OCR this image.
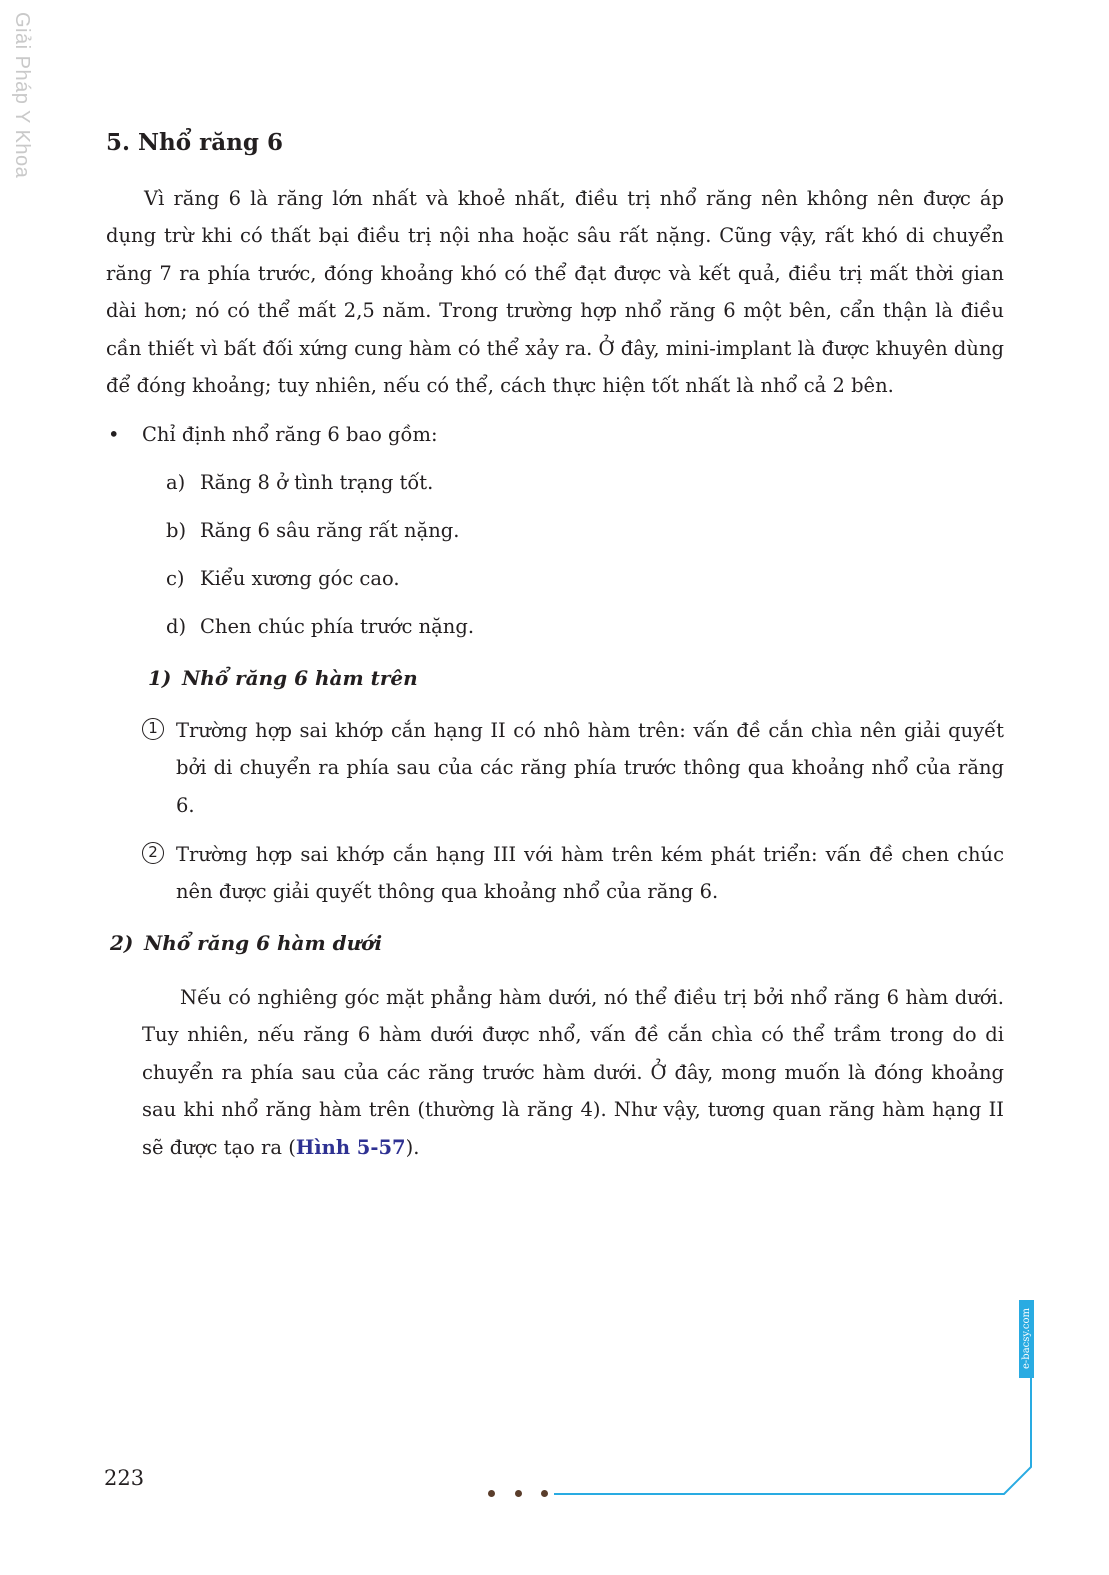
Giải Pháp Y Khoa	5. Nhổ răng 6

Vì răng 6 là răng lớn nhất và khoẻ nhất, điều trị nhổ răng nên không nên được áp dụng trừ khi có thất bại điều trị nội nha hoặc sâu rất nặng. Cũng vậy, rất khó di chuyển răng 7 ra phía trước, đóng khoảng khó có thể đạt được và kết quả, điều trị mất thời gian dài hơn; nó có thể mất 2,5 năm. Trong trường hợp nhổ răng 6 một bên, cẩn thận là điều cần thiết vì bất đối xứng cung hàm có thể xảy ra. Ở đây, mini-implant là được khuyên dùng để đóng khoảng; tuy nhiên, nếu có thể, cách thực hiện tốt nhất là nhổ cả 2 bên.

• Chỉ định nhổ răng 6 bao gồm:
a) Răng 8 ở tình trạng tốt.
b) Răng 6 sâu răng rất nặng.
c) Kiểu xương góc cao.
d) Chen chúc phía trước nặng.
1) Nhổ răng 6 hàm trên
1 Trường hợp sai khớp cắn hạng II có nhô hàm trên: vấn đề cắn chìa nên giải quyết bởi di chuyển ra phía sau của các răng phía trước thông qua khoảng nhổ của răng 6.

2 Trường hợp sai khớp cắn hạng III với hàm trên kém phát triển: vấn đề chen chúc nên được giải quyết thông qua khoảng nhổ của răng 6.

2) Nhổ răng 6 hàm dưới

Nếu có nghiêng góc mặt phẳng hàm dưới, nó thể điều trị bởi nhổ răng 6 hàm dưới. Tuy nhiên, nếu răng 6 hàm dưới được nhổ, vấn đề cắn chìa có thể trầm trong do di chuyển ra phía sau của các răng trước hàm dưới. Ở đây, mong muốn là đóng khoảng sau khi nhổ răng hàm trên (thường là răng 4). Như vậy, tương quan răng hàm hạng II sẽ được tạo ra (Hình 5-57).

223
e-bacsy.com
